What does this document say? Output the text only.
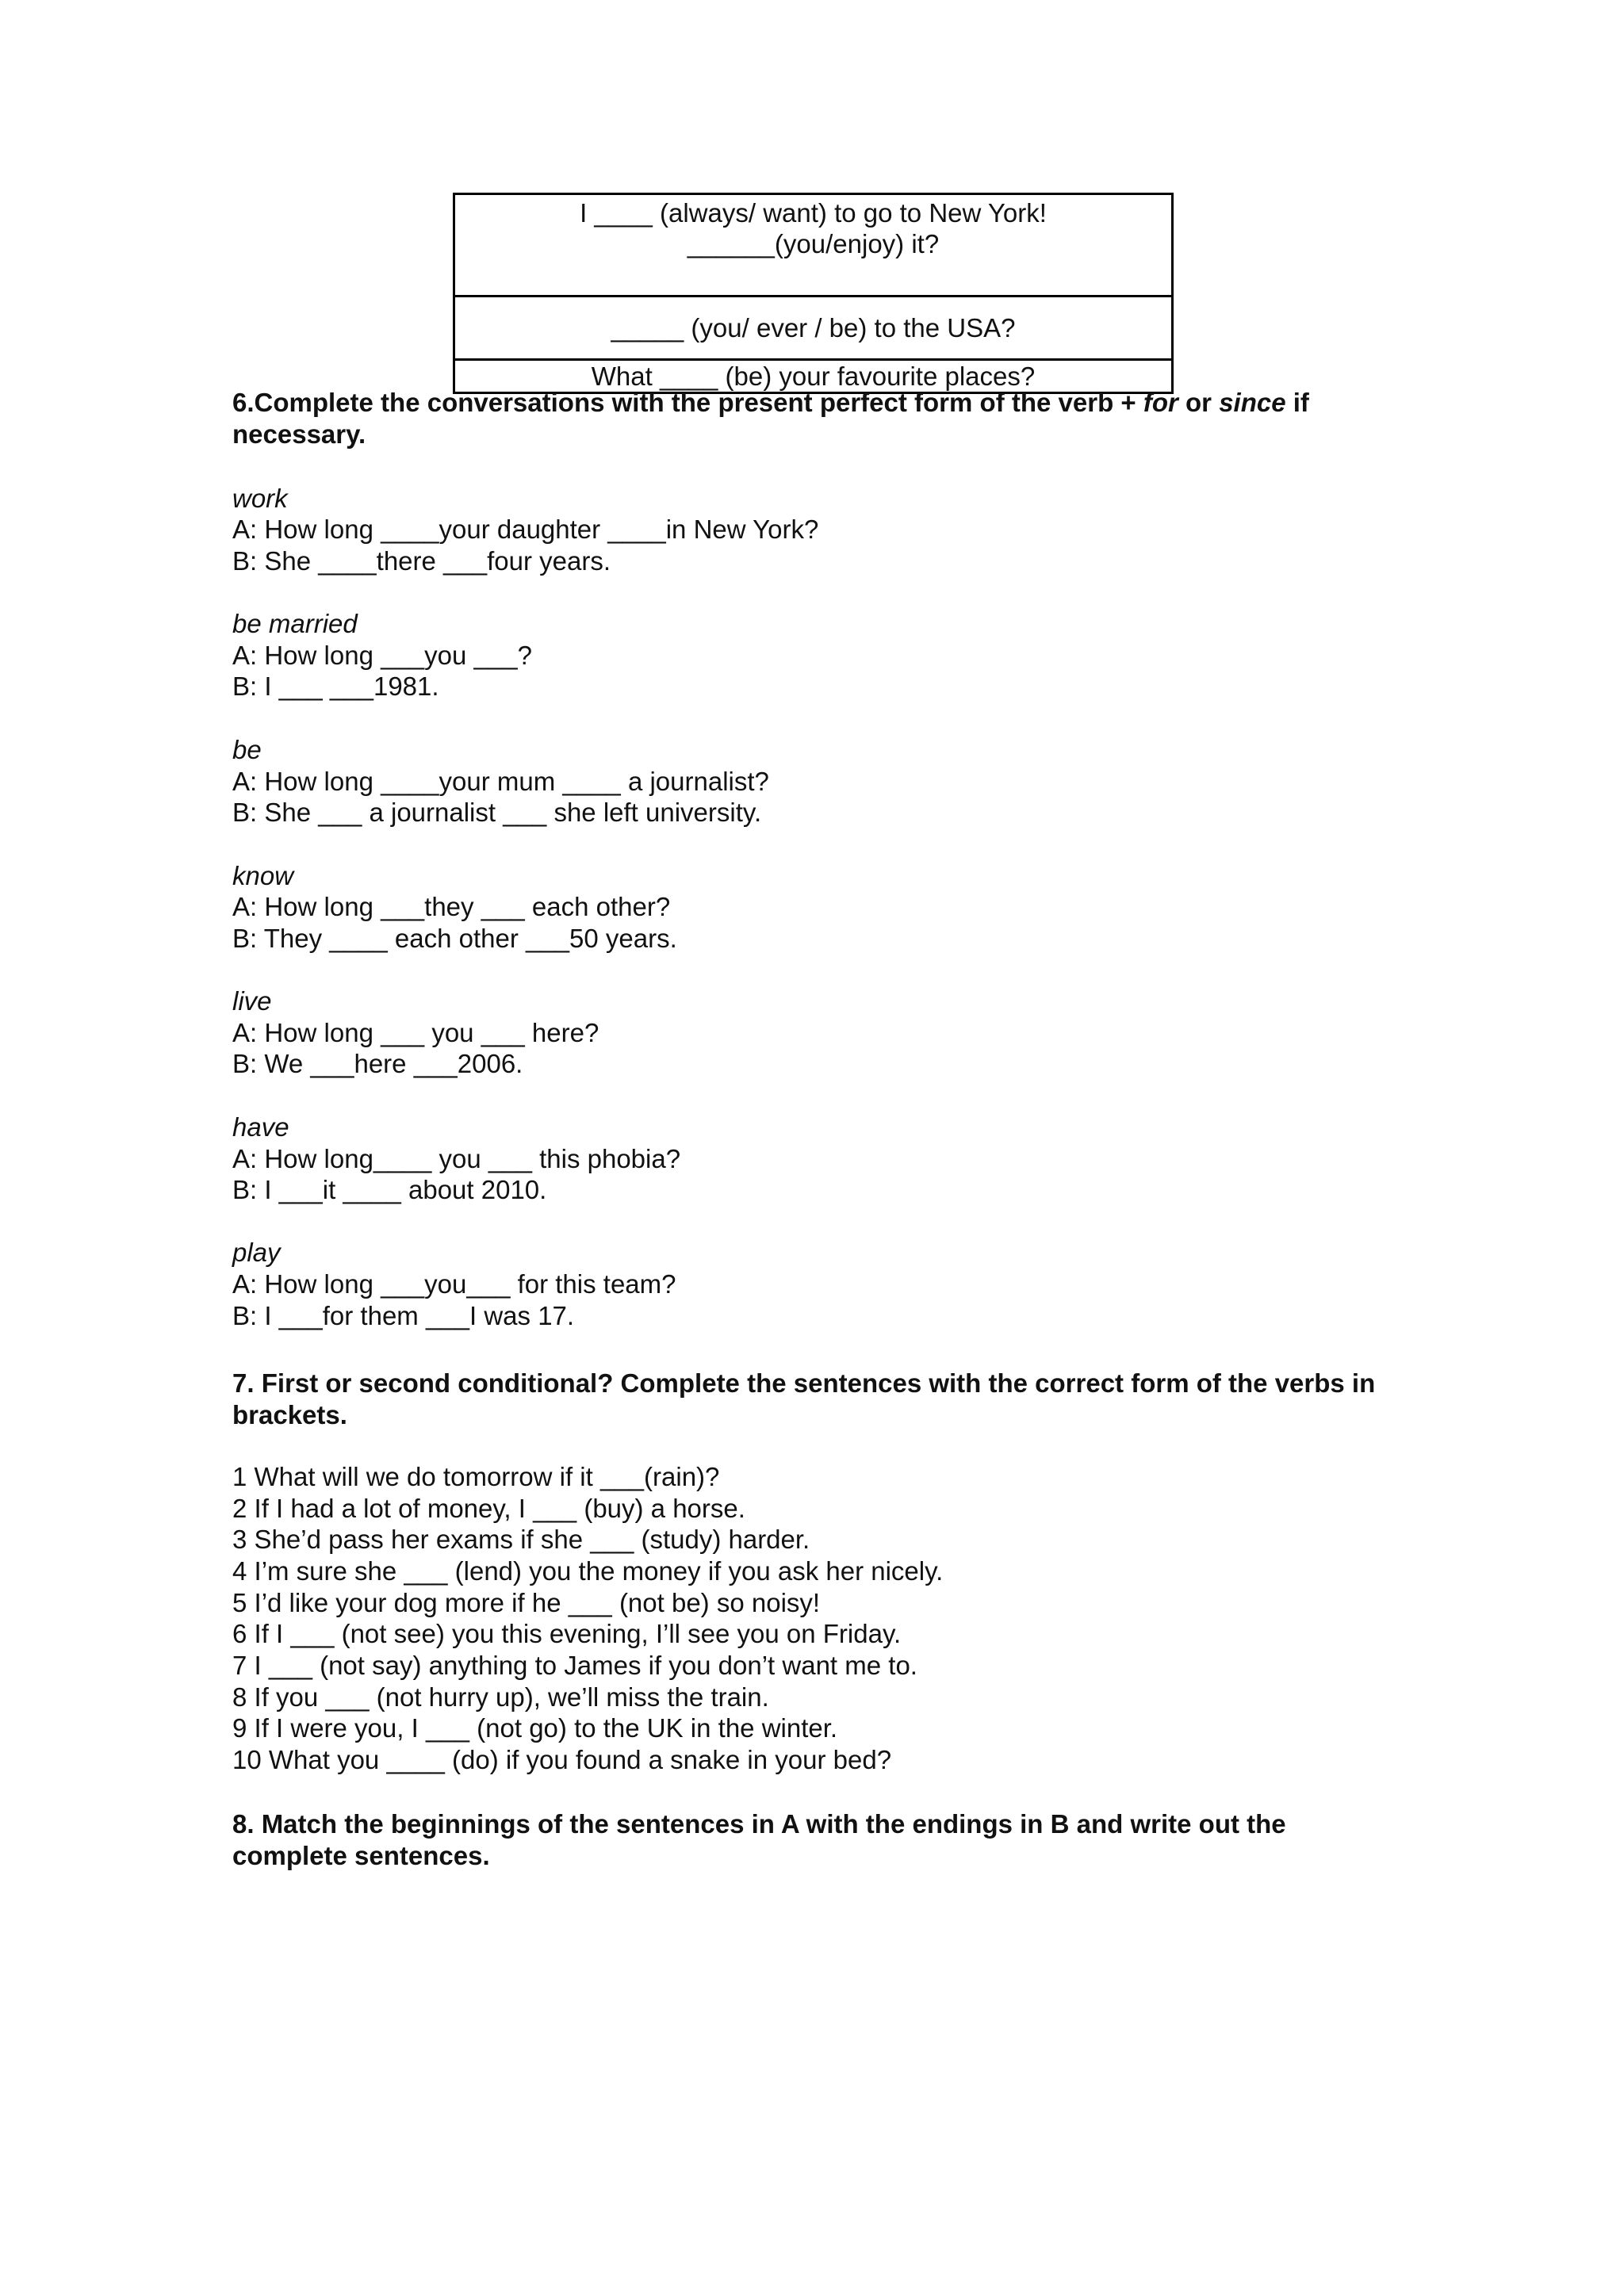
I ____ (always/ want) to go to New York!
______(you/enjoy) it?

_____ (you/ ever / be) to the USA?
What ____ (be) your favourite places?
6.Complete the conversations with the present perfect form of the verb + for or since if necessary.
work
A: How long ____your daughter ____in New York?
B: She ____there ___four years.
be married
A: How long ___you ___?
B: I ___ ___1981.
be
A: How long ____your mum ____ a journalist?
B: She ___ a journalist ___ she left university.
know
A: How long ___they ___ each other?
B: They ____ each other ___50 years.
live
A: How long ___ you ___ here?
B: We ___here ___2006.
have
A: How long____ you ___ this phobia?
B: I ___it ____ about 2010.
play
A: How long ___you___ for this team?
B: I ___for them ___I was 17.
7. First or second conditional? Complete the sentences with the correct form of the verbs in brackets.
1 What will we do tomorrow if it ___(rain)?
2 If I had a lot of money, I ___ (buy) a horse.
3 She’d pass her exams if she ___ (study) harder.
4 I’m sure she ___ (lend) you the money if you ask her nicely.
5 I’d like your dog more if he ___ (not be) so noisy!
6 If I ___ (not see) you this evening, I’ll see you on Friday.
7 I ___ (not say) anything to James if you don’t want me to.
8 If you ___ (not hurry up), we’ll miss the train.
9 If I were you, I ___ (not go) to the UK in the winter.
10 What you ____ (do) if you found a snake in your bed?
8. Match the beginnings of the sentences in A with the endings in B and write out the complete sentences.
